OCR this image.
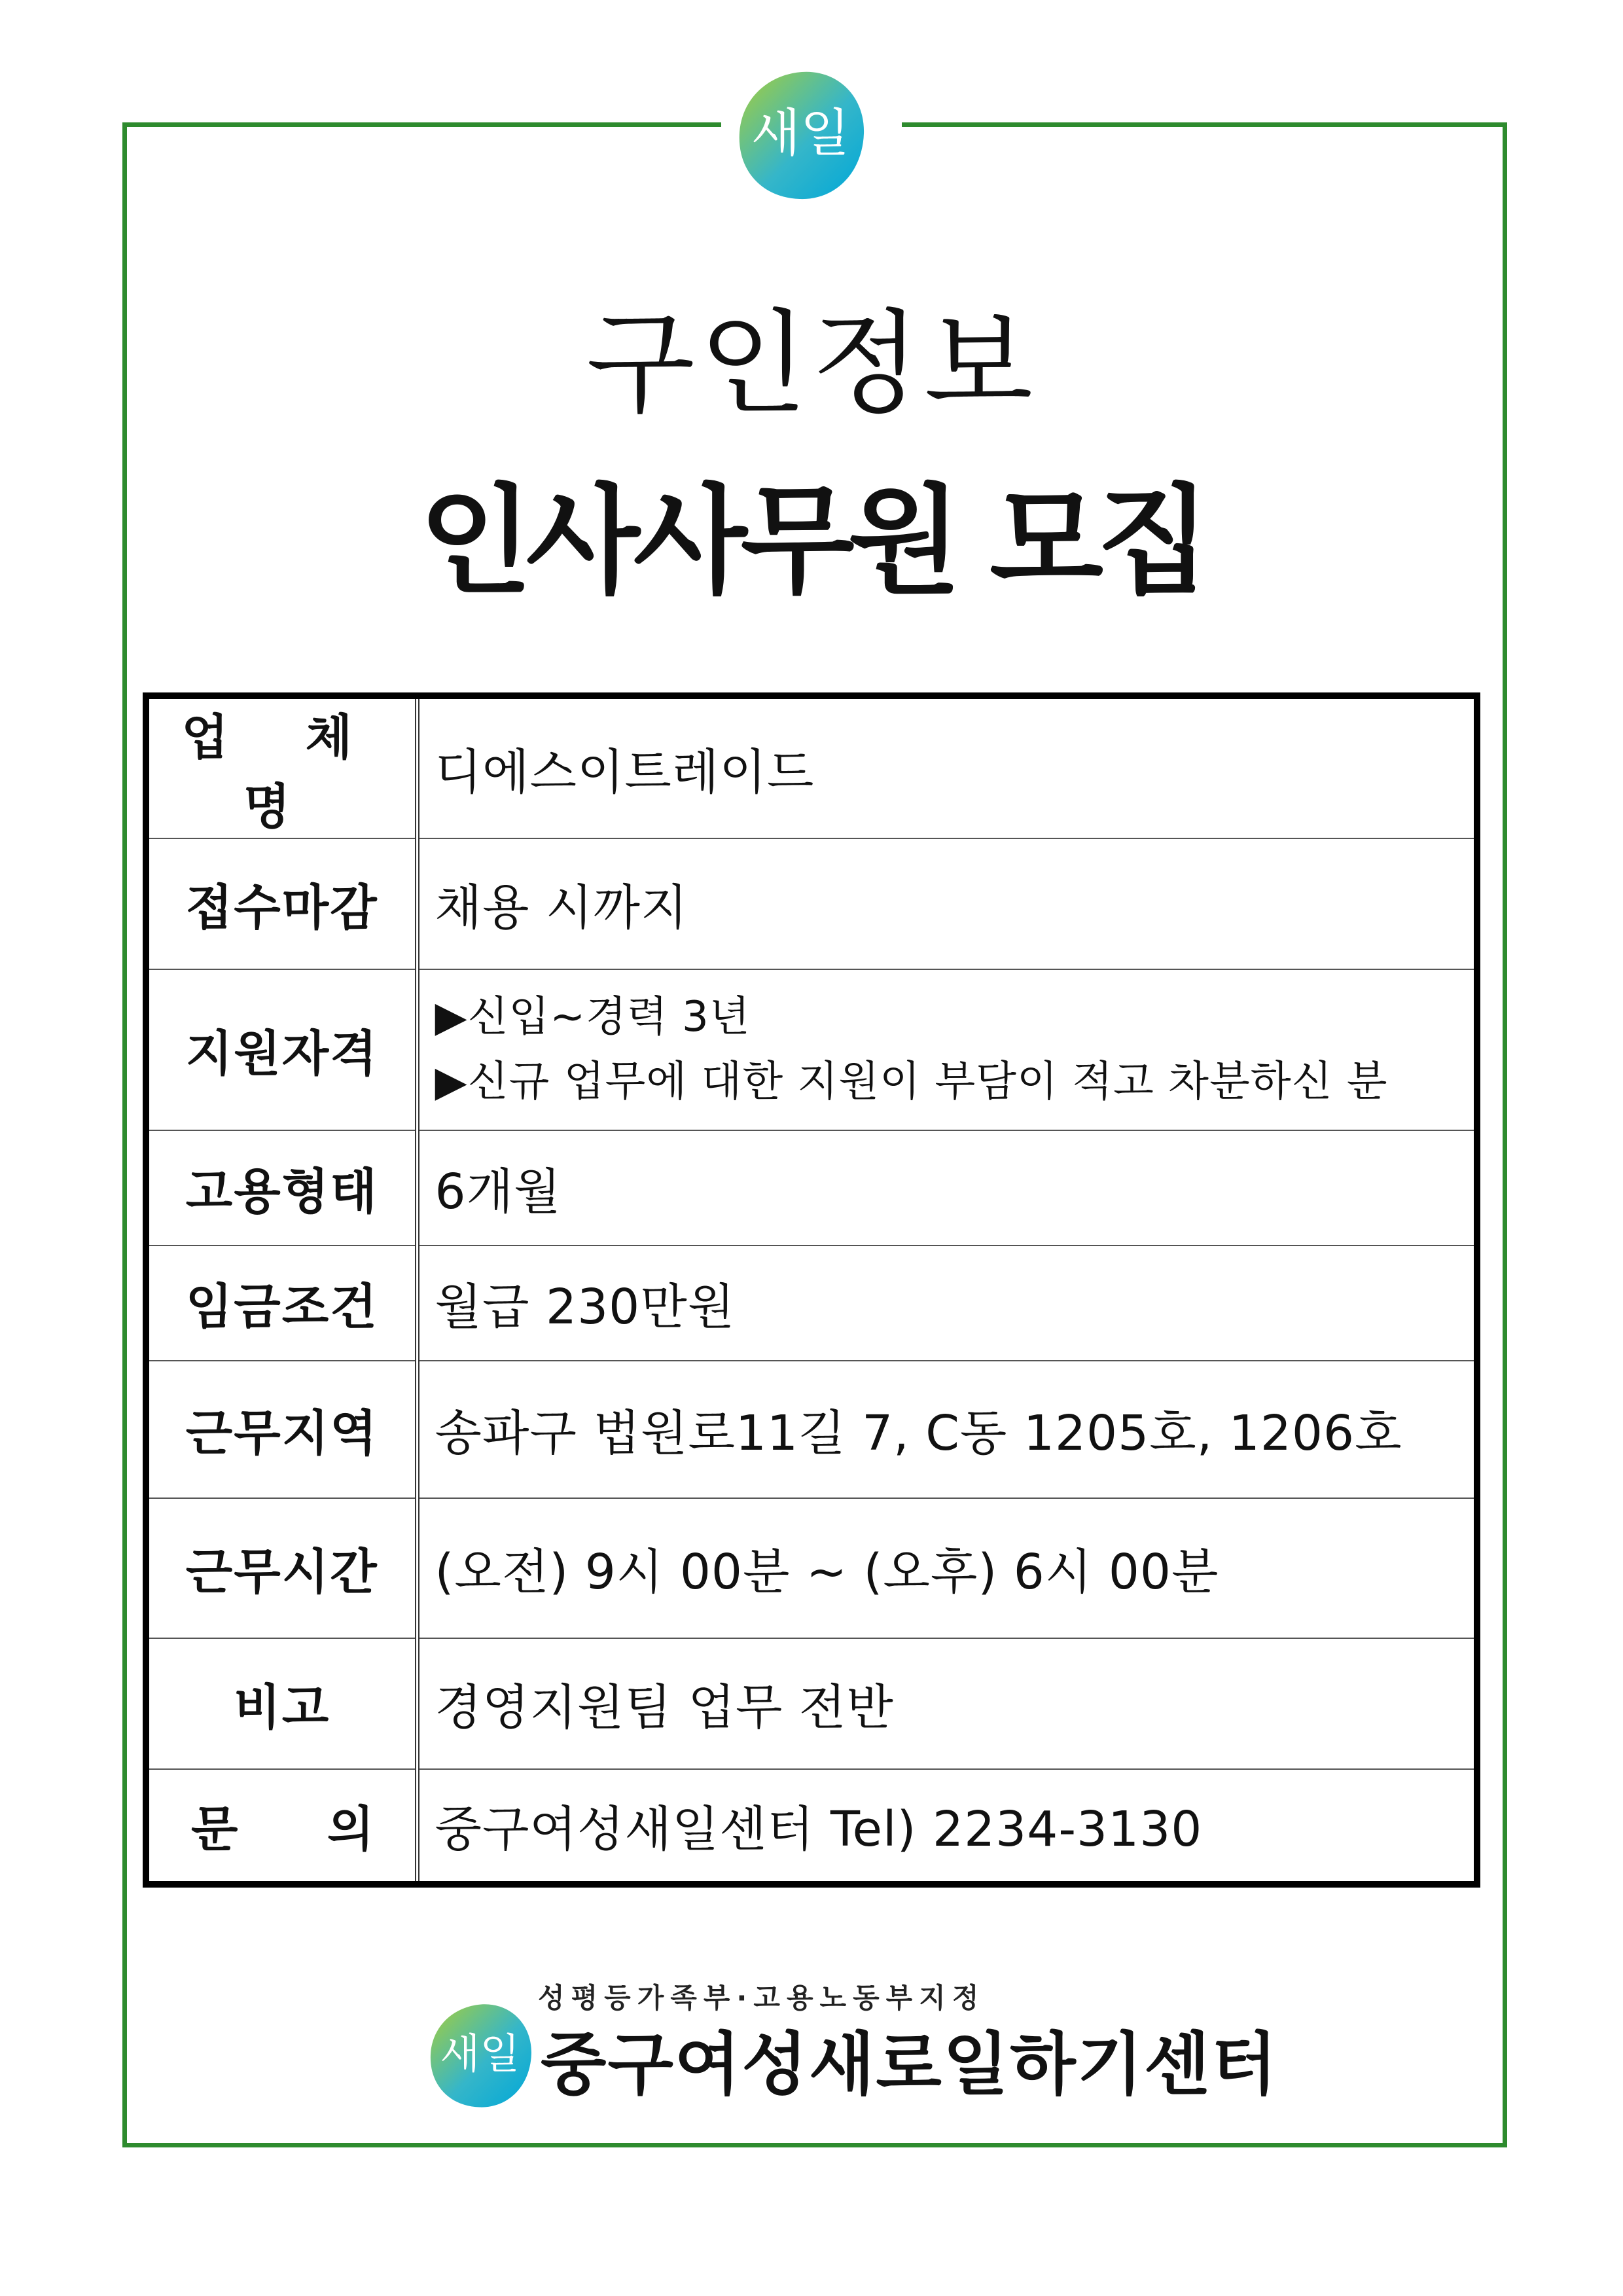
새일
구인정보
인사사무원 모집
업 체 명	디에스이트레이드
접수마감	채용 시까지
지원자격	▶신입~경력 3년
▶신규 업무에 대한 지원이 부담이 적고 차분하신 분

고용형태	6개월
임금조건	월급 230만원
근무지역	송파구 법원로11길 7, C동 1205호, 1206호
근무시간	(오전) 9시 00분 ~ (오후) 6시 00분
비고	경영지원팀 업무 전반

문 의	중구여성새일센터 Tel) 2234-3130
성평등가족부·고용노동부지정
새일 중구여성새로일하기센터
